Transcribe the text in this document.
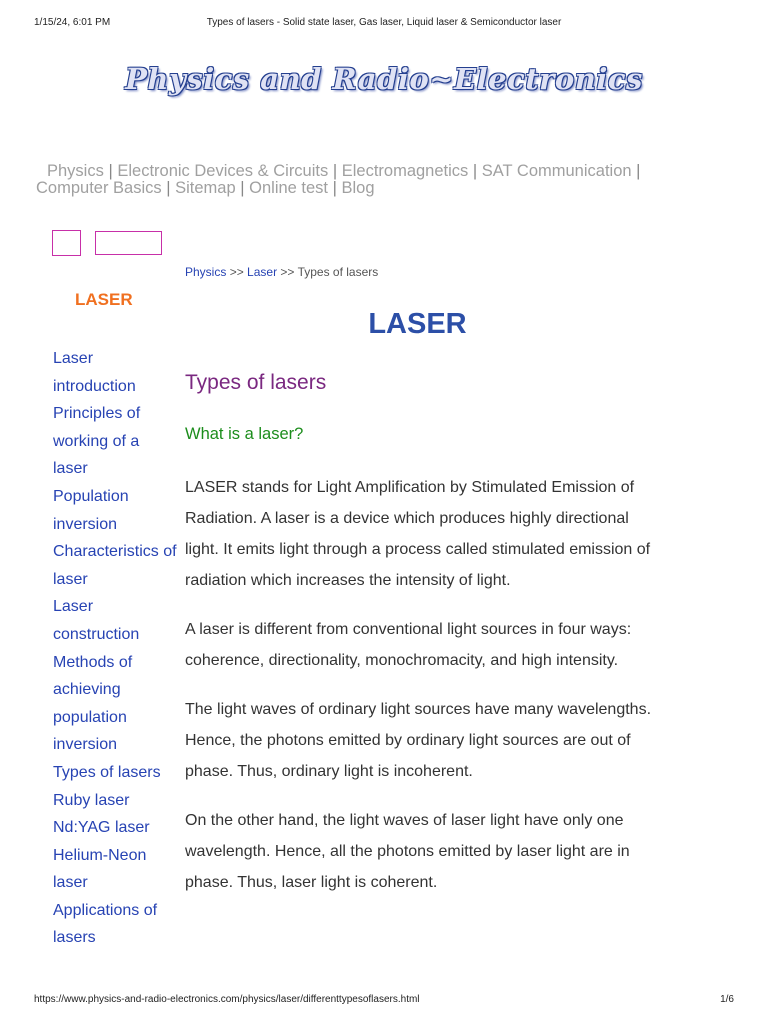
1/15/24, 6:01 PM	Types of lasers - Solid state laser, Gas laser, Liquid laser & Semiconductor laser
Physics and Radio~Electronics
Physics | Electronic Devices & Circuits | Electromagnetics | SAT Communication |
Computer Basics | Sitemap | Online test | Blog
Physics >> Laser >> Types of lasers
LASER
Laser introduction
Principles of working of a laser
Population inversion
Characteristics of laser
Laser construction
Methods of achieving population inversion
Types of lasers
Ruby laser
Nd:YAG laser
Helium-Neon laser
Applications of lasers
LASER
Types of lasers
What is a laser?

LASER stands for Light Amplification by Stimulated Emission of Radiation. A laser is a device which produces highly directional light. It emits light through a process called stimulated emission of radiation which increases the intensity of light.

A laser is different from conventional light sources in four ways: coherence, directionality, monochromacity, and high intensity.

The light waves of ordinary light sources have many wavelengths. Hence, the photons emitted by ordinary light sources are out of phase. Thus, ordinary light is incoherent.

On the other hand, the light waves of laser light have only one wavelength. Hence, all the photons emitted by laser light are in phase. Thus, laser light is coherent.

https://www.physics-and-radio-electronics.com/physics/laser/differenttypesoflasers.html	1/6
